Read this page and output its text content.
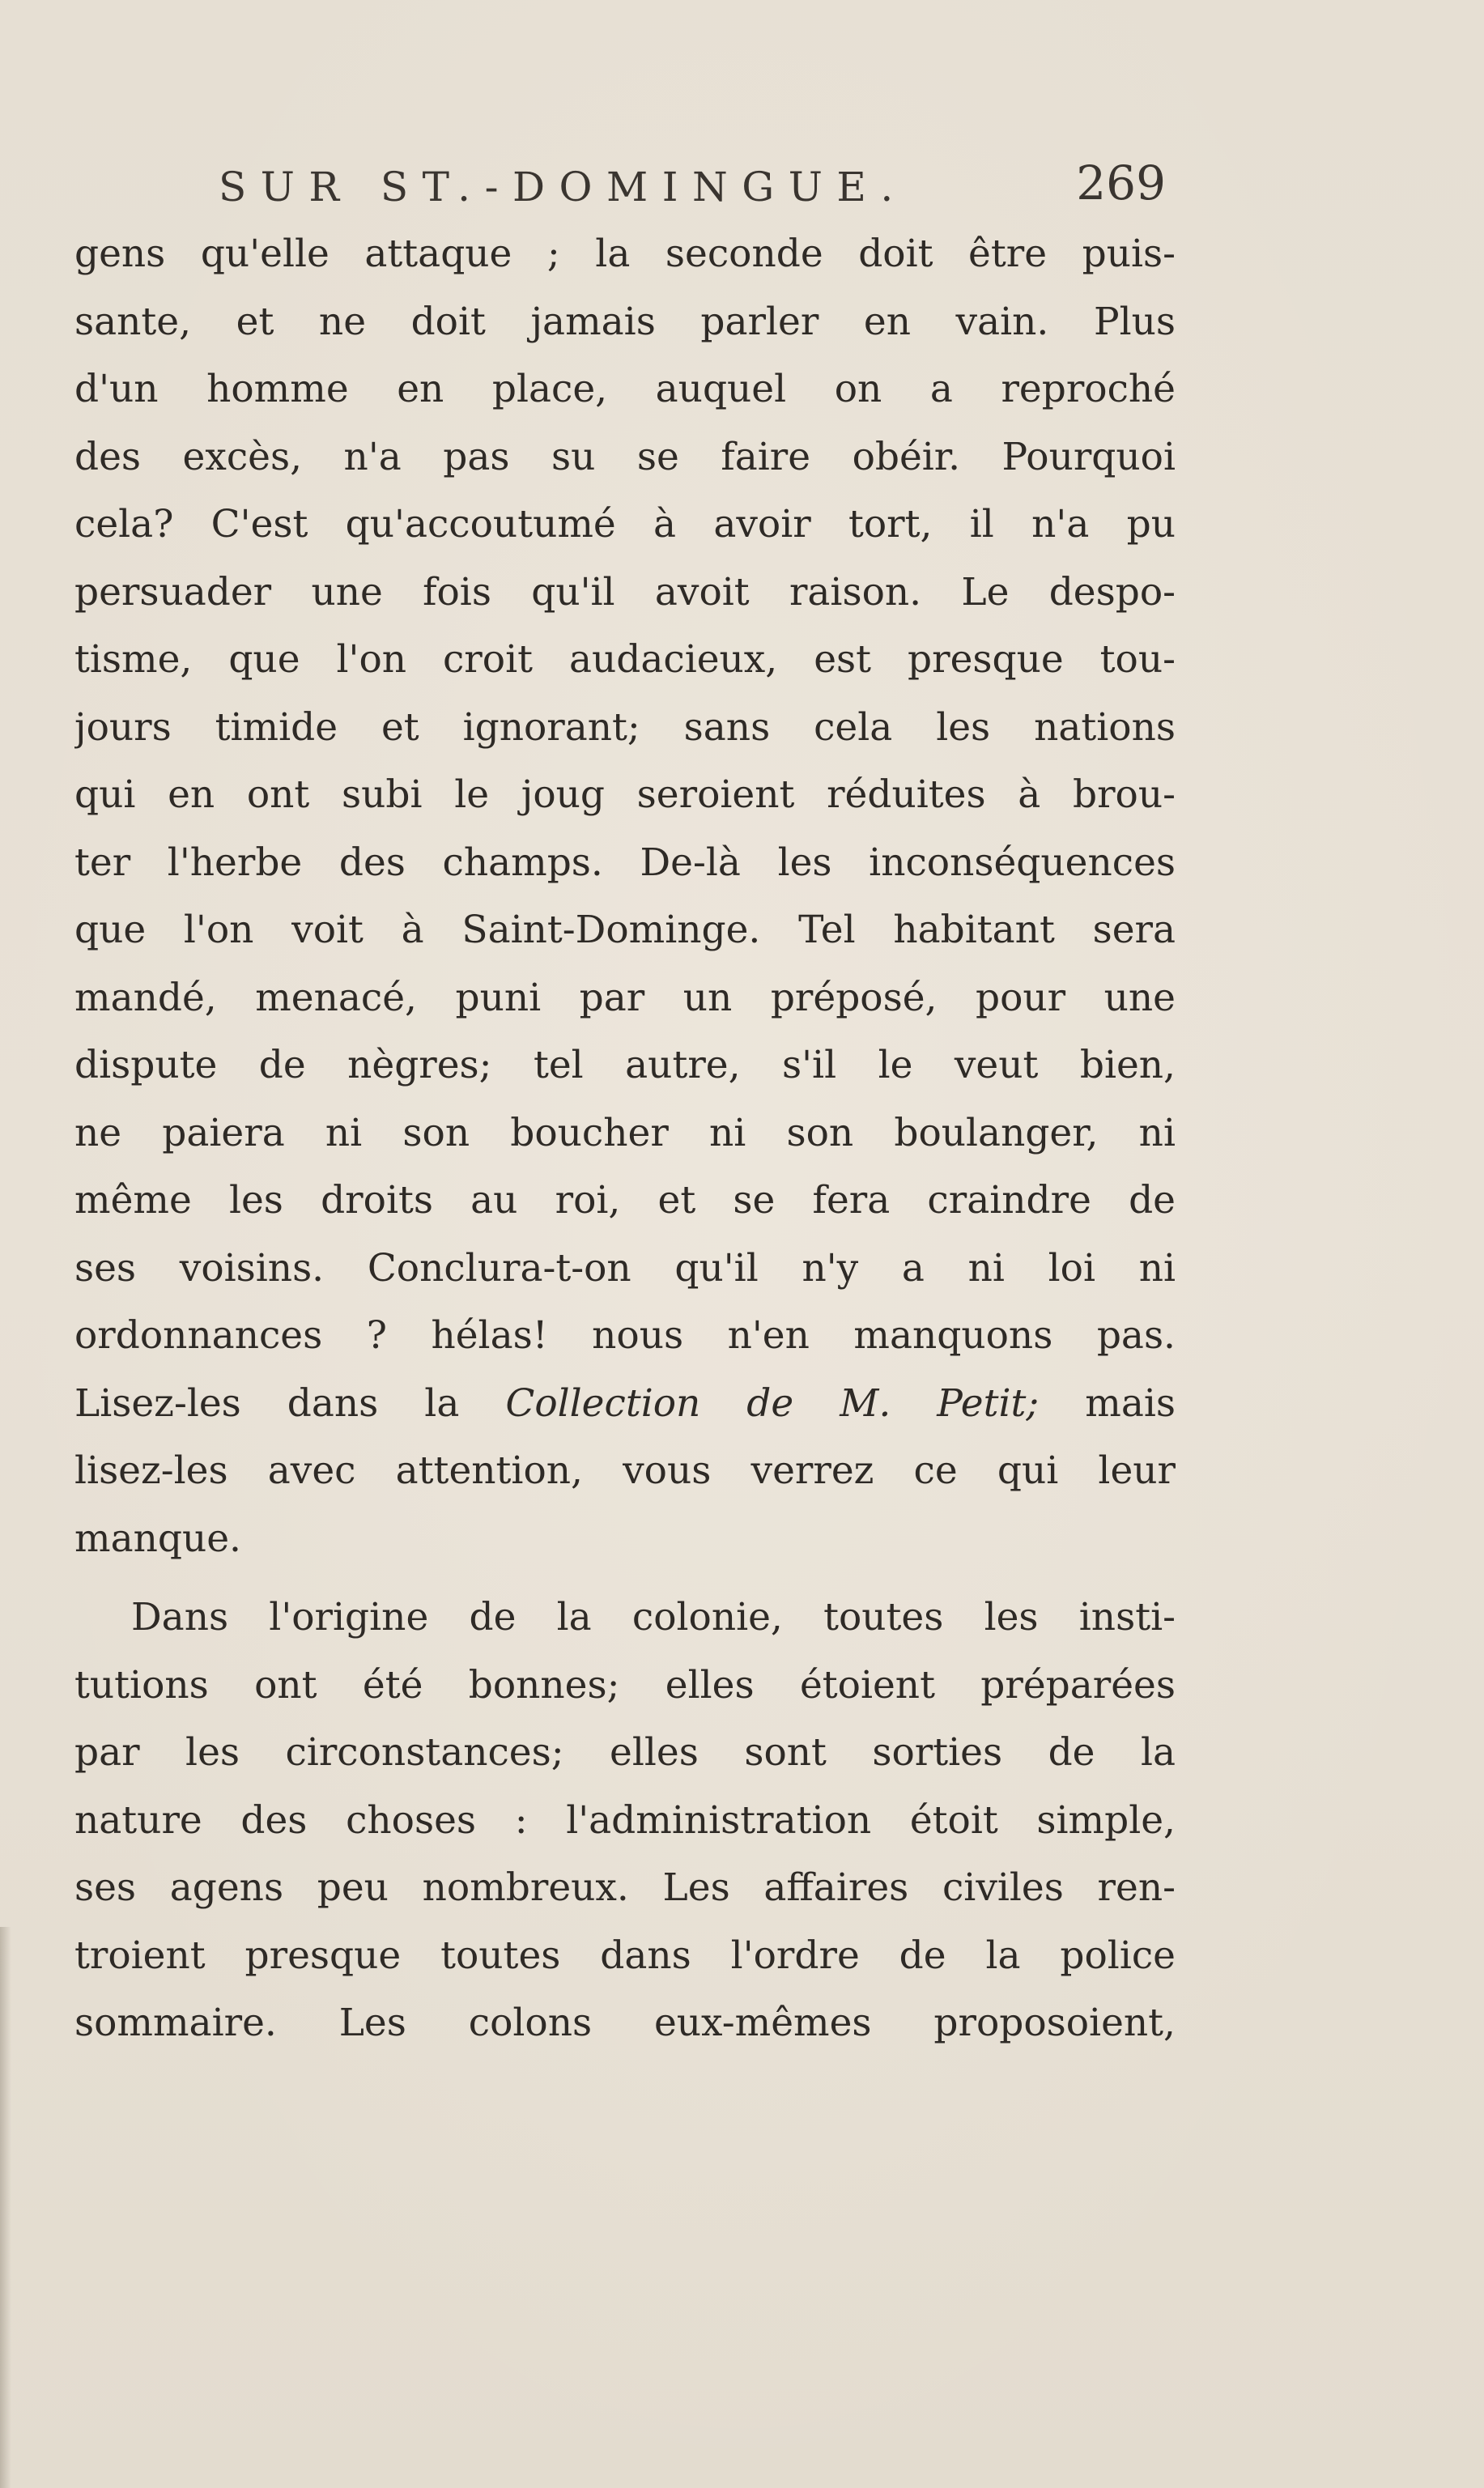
SUR ST.-DOMINGUE.	269
gens qu'elle attaque ; la seconde doit être puis-
sante, et ne doit jamais parler en vain. Plus
d'un homme en place, auquel on a reproché
des excès, n'a pas su se faire obéir. Pourquoi
cela? C'est qu'accoutumé à avoir tort, il n'a pu
persuader une fois qu'il avoit raison. Le despo-
tisme, que l'on croit audacieux, est presque tou-
jours timide et ignorant; sans cela les nations
qui en ont subi le joug seroient réduites à brou-
ter l'herbe des champs. De-là les inconséquences
que l'on voit à Saint-Dominge. Tel habitant sera
mandé, menacé, puni par un préposé, pour une
dispute de nègres; tel autre, s'il le veut bien,
ne paiera ni son boucher ni son boulanger, ni
même les droits au roi, et se fera craindre de
ses voisins. Conclura-t-on qu'il n'y a ni loi ni
ordonnances ? hélas! nous n'en manquons pas.
Lisez-les dans la Collection de M. Petit; mais
lisez-les avec attention, vous verrez ce qui leur
manque.
Dans l'origine de la colonie, toutes les insti-
tutions ont été bonnes; elles étoient préparées
par les circonstances; elles sont sorties de la
nature des choses : l'administration étoit simple,
ses agens peu nombreux. Les affaires civiles ren-
troient presque toutes dans l'ordre de la police
sommaire. Les colons eux-mêmes proposoient,
